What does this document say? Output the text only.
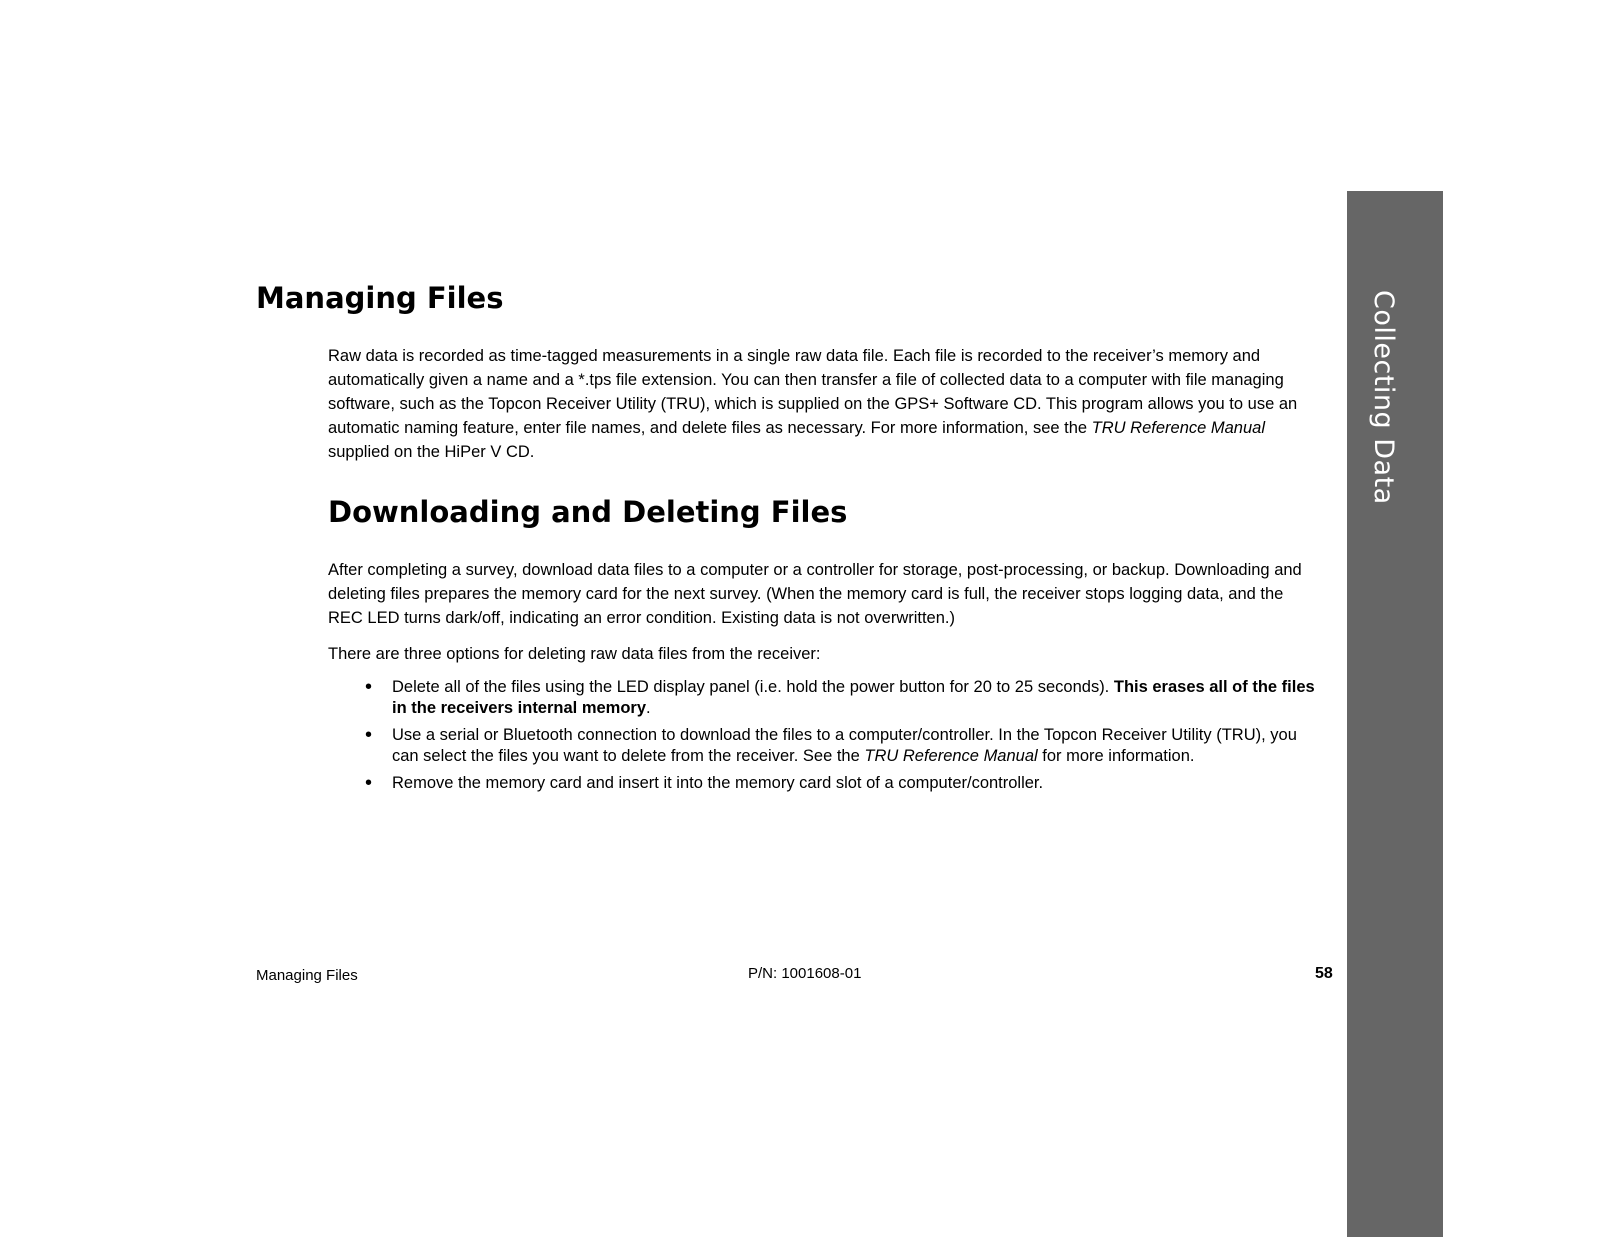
Collecting Data
Managing Files

Raw data is recorded as time-tagged measurements in a single raw data file. Each file is recorded to the receiver’s memory and automatically given a name and a *.tps file extension. You can then transfer a file of collected data to a computer with file managing software, such as the Topcon Receiver Utility (TRU), which is supplied on the GPS+ Software CD. This program allows you to use an automatic naming feature, enter file names, and delete files as necessary. For more information, see the TRU Reference Manual supplied on the HiPer V CD.

Downloading and Deleting Files

After completing a survey, download data files to a computer or a controller for storage, post-processing, or backup. Downloading and deleting files prepares the memory card for the next survey. (When the memory card is full, the receiver stops logging data, and the REC LED turns dark/off, indicating an error condition. Existing data is not overwritten.)

There are three options for deleting raw data files from the receiver:

• Delete all of the files using the LED display panel (i.e. hold the power button for 20 to 25 seconds). This erases all of the files in the receivers internal memory.
• Use a serial or Bluetooth connection to download the files to a computer/controller. In the Topcon Receiver Utility (TRU), you can select the files you want to delete from the receiver. See the TRU Reference Manual for more information.
• Remove the memory card and insert it into the memory card slot of a computer/controller.
Managing Files	P/N: 1001608-01	58
